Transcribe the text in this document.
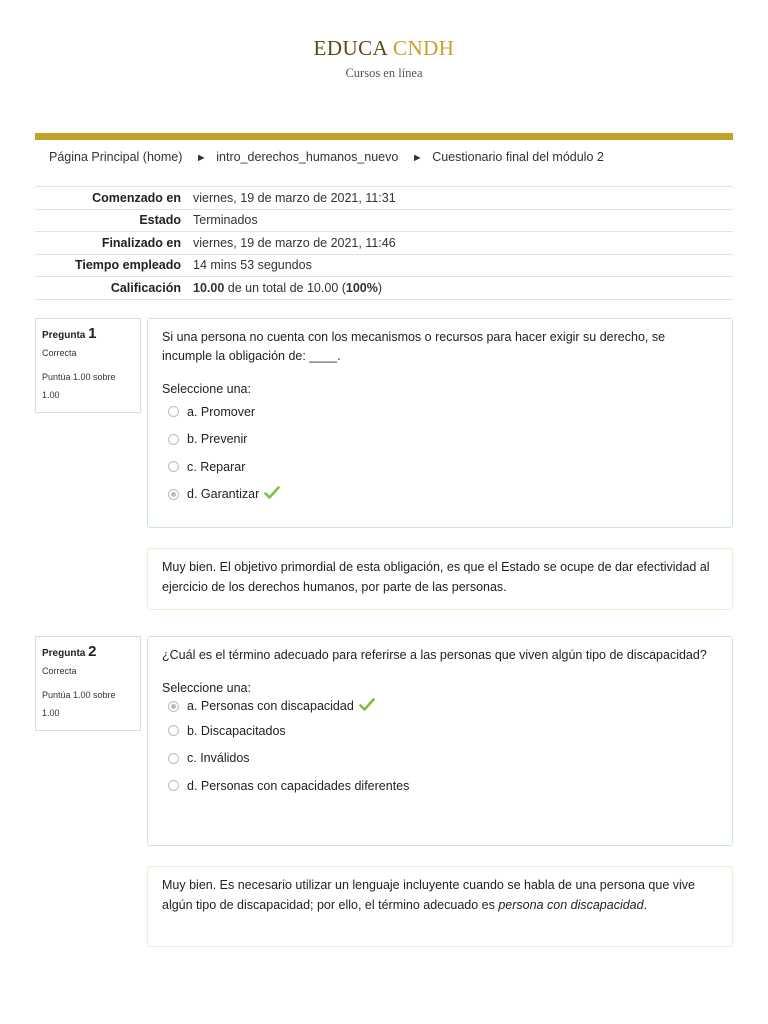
EDUCA CNDH
Cursos en línea
Página Principal (home) ► intro_derechos_humanos_nuevo ► Cuestionario final del módulo 2
Comenzado en	viernes, 19 de marzo de 2021, 11:31
Estado	Terminados
Finalizado en	viernes, 19 de marzo de 2021, 11:46
Tiempo empleado	14 mins 53 segundos
Calificación	10.00 de un total de 10.00 (100%)
Pregunta 1
Correcta
Puntúa 1.00 sobre 1.00
Si una persona no cuenta con los mecanismos o recursos para hacer exigir su derecho, se incumple la obligación de: ____.
Seleccione una:
a. Promover
b. Prevenir
c. Reparar
d. Garantizar
Muy bien. El objetivo primordial de esta obligación, es que el Estado se ocupe de dar efectividad al ejercicio de los derechos humanos, por parte de las personas.
Pregunta 2
Correcta
Puntúa 1.00 sobre 1.00
¿Cuál es el término adecuado para referirse a las personas que viven algún tipo de discapacidad?
Seleccione una:
a. Personas con discapacidad
b. Discapacitados
c. Inválidos
d. Personas con capacidades diferentes
Muy bien. Es necesario utilizar un lenguaje incluyente cuando se habla de una persona que vive algún tipo de discapacidad; por ello, el término adecuado es persona con discapacidad.
